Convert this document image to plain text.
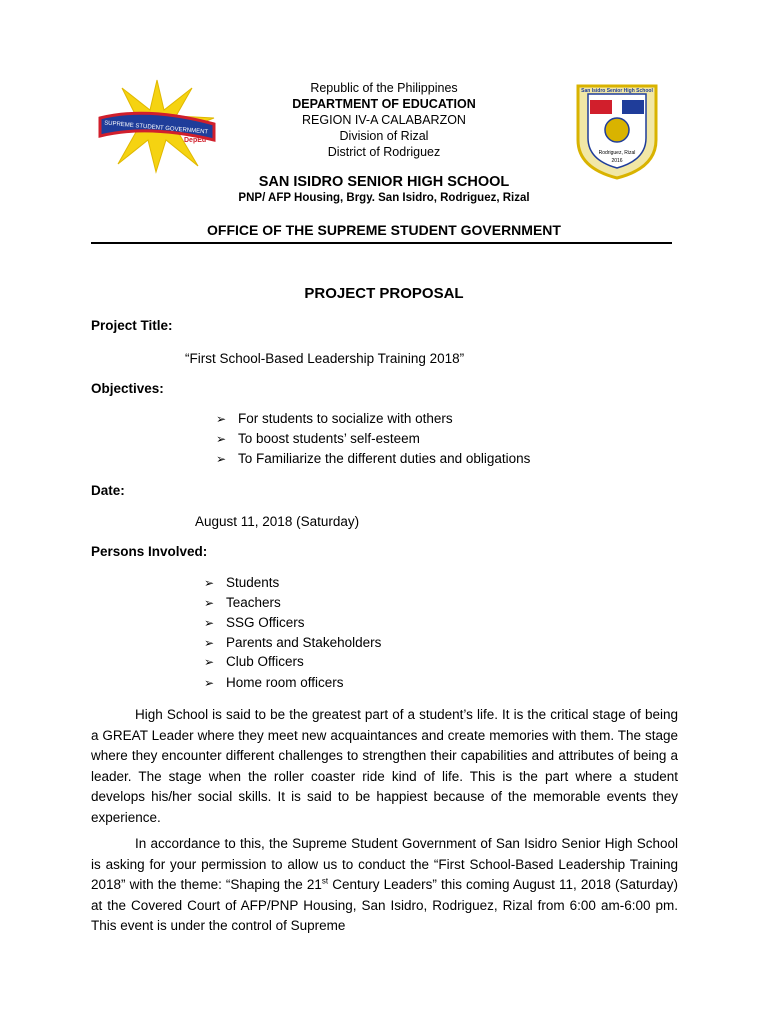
SUPREME STUDENT GOVERNMENT
DepEd
San Isidro Senior High School
Rodriguez, Rizal
2016
Republic of the Philippines
DEPARTMENT OF EDUCATION
REGION IV-A CALABARZON
Division of Rizal
District of Rodriguez
SAN ISIDRO SENIOR HIGH SCHOOL
PNP/ AFP Housing, Brgy. San Isidro, Rodriguez, Rizal
OFFICE OF THE SUPREME STUDENT GOVERNMENT
PROJECT PROPOSAL
Project Title:
“First School-Based Leadership Training 2018”
Objectives:
➢ For students to socialize with others
➢ To boost students’ self-esteem
➢ To Familiarize the different duties and obligations
Date:
August 11, 2018 (Saturday)
Persons Involved:
➢ Students
➢ Teachers
➢ SSG Officers
➢ Parents and Stakeholders
➢ Club Officers
➢ Home room officers
High School is said to be the greatest part of a student’s life. It is the critical stage of being a GREAT Leader where they meet new acquaintances and create memories with them. The stage where they encounter different challenges to strengthen their capabilities and attributes of being a leader. The stage when the roller coaster ride kind of life. This is the part where a student develops his/her social skills. It is said to be happiest because of the memorable events they experience.
In accordance to this, the Supreme Student Government of San Isidro Senior High School is asking for your permission to allow us to conduct the “First School-Based Leadership Training 2018” with the theme: “Shaping the 21st Century Leaders” this coming August 11, 2018 (Saturday) at the Covered Court of AFP/PNP Housing, San Isidro, Rodriguez, Rizal from 6:00 am-6:00 pm. This event is under the control of Supreme
